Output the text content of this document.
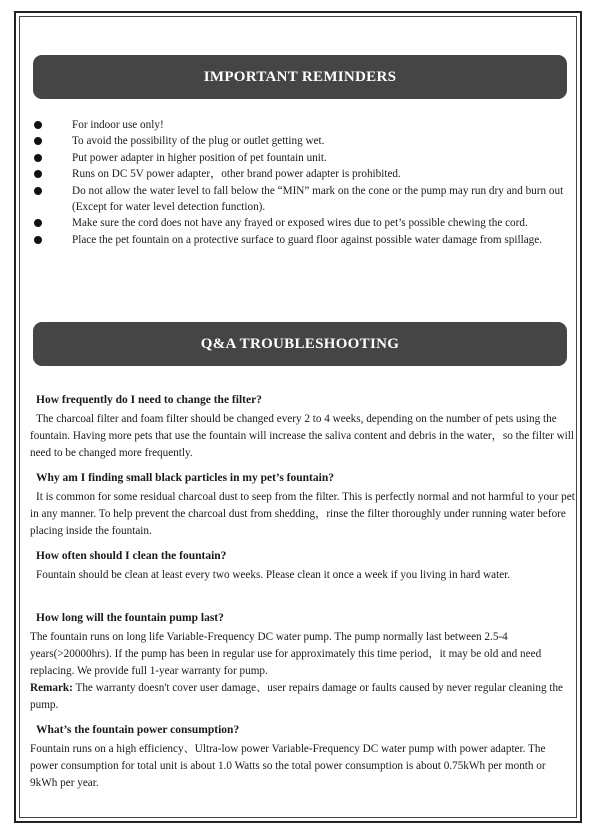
IMPORTANT REMINDERS
For indoor use only!
To avoid the possibility of the plug or outlet getting wet.
Put power adapter in higher position of pet fountain unit.
Runs on DC 5V power adapter，other brand power adapter is prohibited.
Do not allow the water level to fall below the “MIN” mark on the cone or the pump may run dry and burn out (Except for water level detection function).
Make sure the cord does not have any frayed or exposed wires due to pet’s possible chewing the cord.
Place the pet fountain on a protective surface to guard floor against possible water damage from spillage.
Q&A TROUBLESHOOTING

How frequently do I need to change the filter?

The charcoal filter and foam filter should be changed every 2 to 4 weeks, depending on the number of pets using the fountain. Having more pets that use the fountain will increase the saliva content and debris in the water，so the filter will need to be changed more frequently.

Why am I finding small black particles in my pet’s fountain?

It is common for some residual charcoal dust to seep from the filter. This is perfectly normal and not harmful to your pet in any manner. To help prevent the charcoal dust from shedding，rinse the filter thoroughly under running water before placing inside the fountain.

How often should I clean the fountain?

Fountain should be clean at least every two weeks. Please clean it once a week if you living in hard water.

How long will the fountain pump last?

The fountain runs on long life Variable-Frequency DC water pump. The pump normally last between 2.5-4 years(>20000hrs). If the pump has been in regular use for approximately this time period，it may be old and need replacing. We provide full 1-year warranty for pump.

Remark: The warranty doesn't cover user damage、user repairs damage or faults caused by never regular cleaning the pump.

What’s the fountain power consumption?

Fountain runs on a high efficiency、Ultra-low power Variable-Frequency DC water pump with power adapter. The power consumption for total unit is about 1.0 Watts so the total power consumption is about 0.75kWh per month or 9kWh per year.
